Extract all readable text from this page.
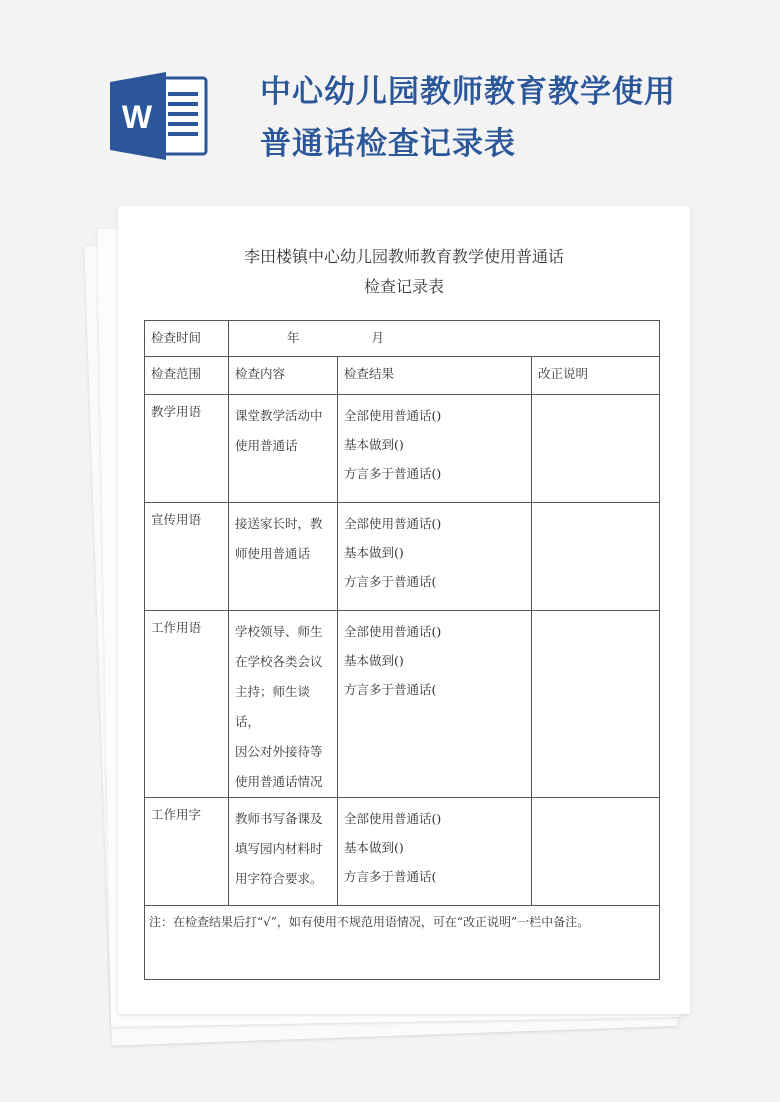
W
中心幼儿园教师教育教学使用
普通话检查记录表
李田楼镇中心幼儿园教师教育教学使用普通话
检查记录表
检查时间	年 月		

检查范围	检查内容	检查结果	改正说明

教学用语	课堂教学活动中
使用普通话	全部使用普通话()
基本做到()
方言多于普通话()	

宣传用语	接送家长时，教
师使用普通话	全部使用普通话()
基本做到()
方言多于普通话(	

工作用语	学校领导、师生
在学校各类会议
主持；师生谈话，
因公对外接待等
使用普通话情况	全部使用普通话()
基本做到()
方言多于普通话(	

工作用字	教师书写备课及
填写园内材料时
用字符合要求。	全部使用普通话()
基本做到()
方言多于普通话(	

注：在检查结果后打“√”，如有使用不规范用语情况，可在“改正说明”一栏中备注。			
